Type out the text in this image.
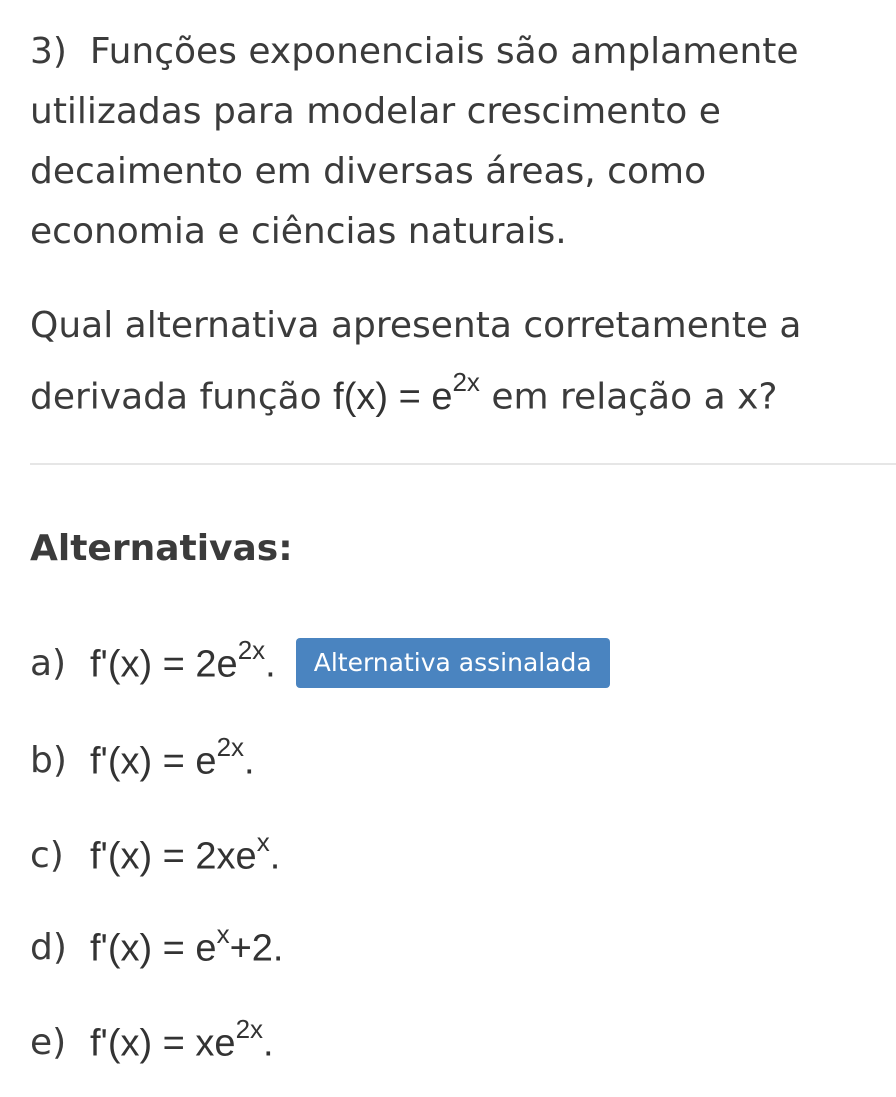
3) Funções exponenciais são amplamente utilizadas para modelar crescimento e decaimento em diversas áreas, como economia e ciências naturais.

Qual alternativa apresenta corretamente a derivada função $f(x) = e^{2x}$ em relação a x?

Alternativas:
a) $f'(x) = 2e^{2x}$.	Alternativa assinalada
b) $f'(x) = e^{2x}$.
c) $f'(x) = 2xe^x$.
d) $f'(x) = e^x+2$.
e) $f'(x) = xe^{2x}$.
